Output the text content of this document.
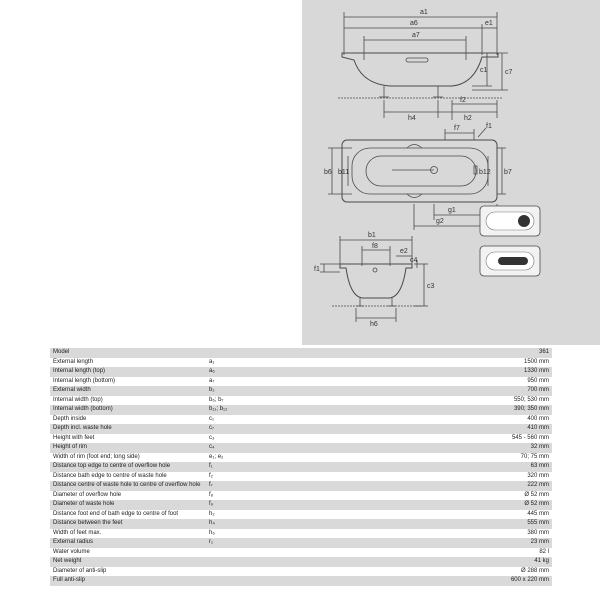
a1
a6	e1
a7
c1	c7
f2
h4	h2
f7	f1
b6 b11	b12 b7
g1
g2
b1
f8
e2
c4
f1
c3
h6
Model		361
External length	a₁	1500 mm
Internal length (top)	a₆	1330 mm
Internal length (bottom)	a₇	950 mm
External width	b₁	700 mm
Internal width (top)	b₆; b₇	550; 530 mm
Internal width (bottom)	b₁₁; b₁₂	390; 350 mm
Depth inside	c₁	400 mm
Depth incl. waste hole	c₇	410 mm
Height with feet	c₃	545 - 560 mm
Height of rim	c₄	32 mm
Width of rim (foot end; long side)	e₁; e₂	70; 75 mm
Distance top edge to centre of overflow hole	f₁	63 mm
Distance bath edge to centre of waste hole	f₂	320 mm
Distance centre of waste hole to centre of overflow hole	f₇	222 mm
Diameter of overflow hole	f₈	Ø 52 mm
Diameter of waste hole	f₉	Ø 52 mm
Distance foot end of bath edge to centre of foot	h₂	445 mm
Distance between the feet	h₄	555 mm
Width of feet max.	h₆	380 mm
External radius	r₁	23 mm
Water volume		82 l
Net weight		41 kg
Diameter of anti-slip		Ø 288 mm
Full anti-slip		600 x 220 mm
